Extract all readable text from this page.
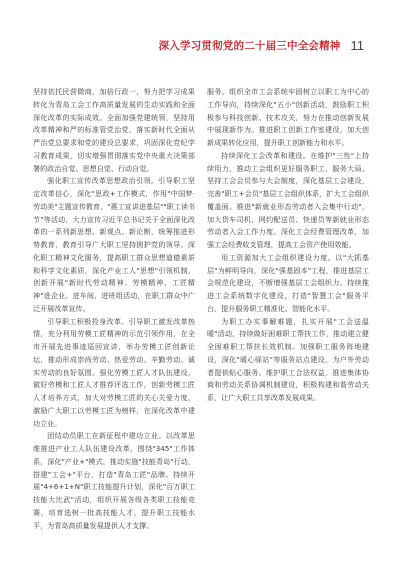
深入学习贯彻党的二十届三中全会精神 11

坚持依托民营微商，加倍行政一，努力把学习成果转化为青岛工会工作高质量发展的生动实践和全面深化改革的实际成效。全面加强党建统领，坚持用改革精神和严的标准管党治党，落实新时代全面从严治党总要求和党的建设总要求，巩固深化党纪学习教育成果，切实增强贯彻落实党中央重大决策部署的政治自觉、思想自觉、行动自觉。

强化职工宣传改革思想政治引领。引导职工坚定改革信心，深化"思政+工作模式，作用"中国梦·劳动美"主题宣传教育，"惠工宣讲进基层""职工读书节"等活动，大力宣传习近平总书记关于全面深化改革的一系列新思想、新观点、新论断，统筹推进形势教育，教育引导广大职工坚持拥护党的领导。深化职工精神文化服务，提高职工群众思想道德素质和科学文化素质，深化产业工人"思想"引领机制，创新开展"新时代劳动精神、劳模精神、工匠精神"进企业、进车间、进班组活动，在职工群众中广泛开展改革宣传。

引导职工积极投身改革。引导职工激发改革热情，充分利用劳模工匠精神的示范引领作用，在全市开展先进事迹巡回宣讲，举办劳模工匠创新论坛，推动形成崇尚劳动、热爱劳动、辛勤劳动、诚实劳动的良好氛围。强化劳模工匠人才队伍建设，做好劳模和工匠人才推荐评选工作，创新劳模工匠人才培养方式，加大对劳模工匠的关心关爱力度，激励广大职工以劳模工匠为榜样，在深化改革中建功立业。

团结动员职工在新征程中建功立业。以改革思维推进产业工人队伍建设改革，围绕"345"工作体系，深化"产业+"模式，推动实施"技能青岛"行动，搭建"工会+"平台，打造"青岛工匠"品牌。持续开展"4+6+1+N"职工技能提升计划，深化"百万职工技能大比武"活动，组织开展各级各类职工技能竞赛，培育选树一批高技能人才，提升职工技能水平，为青岛高质量发展提供人才支撑。

服务。组织全市工会系统牢固树立以职工为中心的工作导向，持续深化"五小"创新活动，鼓励职工积极参与科技创新、技术攻关，努力在推动创新发展中展现新作为。推进职工创新工作室建设，加大创新成果转化应用，提升职工创新能力和水平。

持续深化工会改革和建设。在维护"三性"上持续用力，推动工会组织更好服务职工、服务大局。坚持工会会员参与大会制度，深化基层工会建设，完善"职工+会员"基层工会组织体系，扩大工会组织覆盖面。推进"新就业形态劳动者入会集中行动"，加大货车司机、网约配送员、快递员等新就业形态劳动者入会工作力度。深化工会经费管理改革，加强工会经费收支管理，提高工会资产使用效能。

用工资源加大工会组织建设力度。以"大抓基层"为鲜明导向，深化"强基固本"工程，推进基层工会规范化建设，不断增强基层工会组织力。持续推进工会系统数字化建设，打造"智慧工会"服务平台，提升服务职工精准化、智能化水平。

为职工办实事解难题，扎实开展"工会送温暖"活动，持续做好困难职工帮扶工作，推动建立健全困难职工帮扶长效机制。加强职工服务阵地建设，深化"暖心驿站"等服务站点建设，为户外劳动者提供贴心服务。维护职工合法权益，推进集体协商和劳动关系协调机制建设，积极构建和谐劳动关系，让广大职工共享改革发展成果。
